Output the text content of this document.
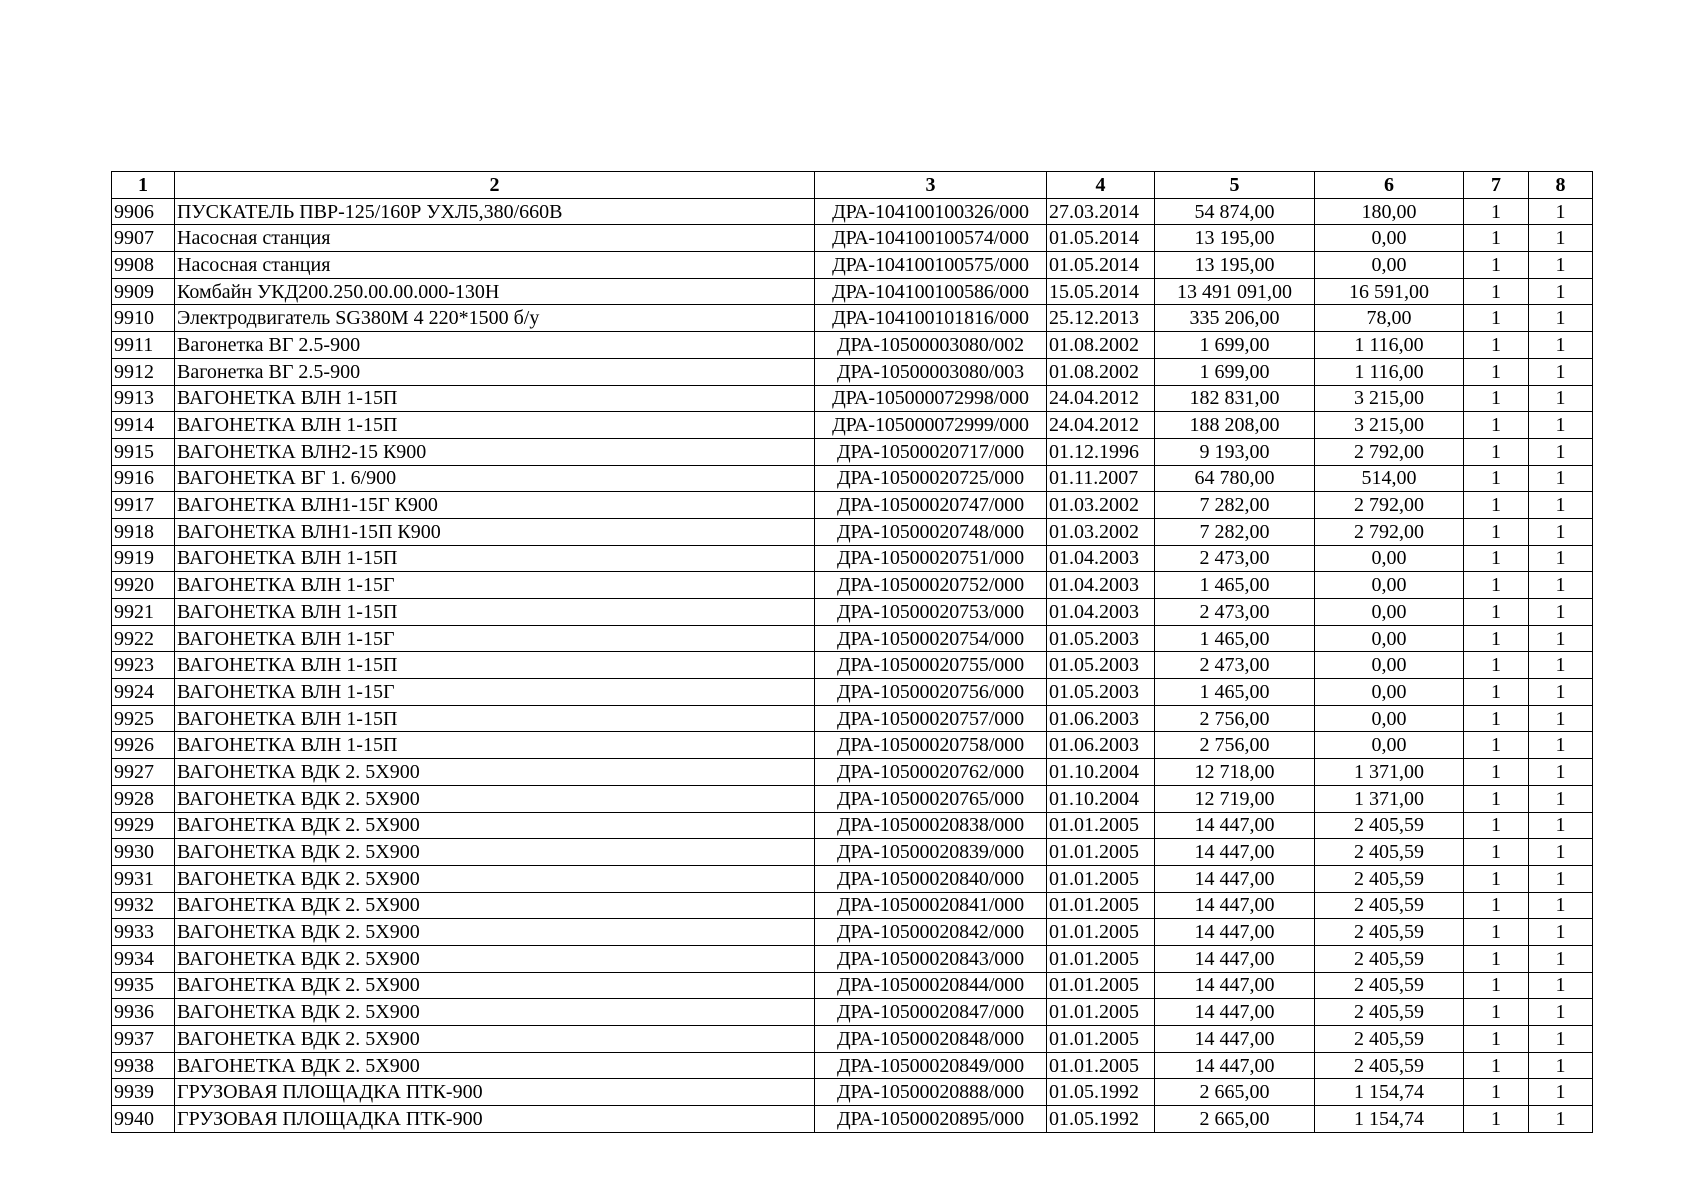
1	2	3	4	5	6	7	8
9906	ПУСКАТЕЛЬ ПВР-125/160Р УХЛ5,380/660В	ДРА-104100100326/000	27.03.2014	54 874,00	180,00	1	1
9907	Насосная станция	ДРА-104100100574/000	01.05.2014	13 195,00	0,00	1	1
9908	Насосная станция	ДРА-104100100575/000	01.05.2014	13 195,00	0,00	1	1
9909	Комбайн УКД200.250.00.00.000-130Н	ДРА-104100100586/000	15.05.2014	13 491 091,00	16 591,00	1	1
9910	Электродвигатель SG380M 4 220*1500 б/у	ДРА-104100101816/000	25.12.2013	335 206,00	78,00	1	1
9911	Вагонетка ВГ 2.5-900	ДРА-10500003080/002	01.08.2002	1 699,00	1 116,00	1	1
9912	Вагонетка ВГ 2.5-900	ДРА-10500003080/003	01.08.2002	1 699,00	1 116,00	1	1
9913	ВАГОНЕТКА ВЛН 1-15П	ДРА-105000072998/000	24.04.2012	182 831,00	3 215,00	1	1
9914	ВАГОНЕТКА ВЛН 1-15П	ДРА-105000072999/000	24.04.2012	188 208,00	3 215,00	1	1
9915	ВАГОНЕТКА ВЛН2-15 К900	ДРА-10500020717/000	01.12.1996	9 193,00	2 792,00	1	1
9916	ВАГОНЕТКА ВГ 1. 6/900	ДРА-10500020725/000	01.11.2007	64 780,00	514,00	1	1
9917	ВАГОНЕТКА ВЛН1-15Г К900	ДРА-10500020747/000	01.03.2002	7 282,00	2 792,00	1	1
9918	ВАГОНЕТКА ВЛН1-15П К900	ДРА-10500020748/000	01.03.2002	7 282,00	2 792,00	1	1
9919	ВАГОНЕТКА ВЛН 1-15П	ДРА-10500020751/000	01.04.2003	2 473,00	0,00	1	1
9920	ВАГОНЕТКА ВЛН 1-15Г	ДРА-10500020752/000	01.04.2003	1 465,00	0,00	1	1
9921	ВАГОНЕТКА ВЛН 1-15П	ДРА-10500020753/000	01.04.2003	2 473,00	0,00	1	1
9922	ВАГОНЕТКА ВЛН 1-15Г	ДРА-10500020754/000	01.05.2003	1 465,00	0,00	1	1
9923	ВАГОНЕТКА ВЛН 1-15П	ДРА-10500020755/000	01.05.2003	2 473,00	0,00	1	1
9924	ВАГОНЕТКА ВЛН 1-15Г	ДРА-10500020756/000	01.05.2003	1 465,00	0,00	1	1
9925	ВАГОНЕТКА ВЛН 1-15П	ДРА-10500020757/000	01.06.2003	2 756,00	0,00	1	1
9926	ВАГОНЕТКА ВЛН 1-15П	ДРА-10500020758/000	01.06.2003	2 756,00	0,00	1	1
9927	ВАГОНЕТКА ВДК 2. 5Х900	ДРА-10500020762/000	01.10.2004	12 718,00	1 371,00	1	1
9928	ВАГОНЕТКА ВДК 2. 5Х900	ДРА-10500020765/000	01.10.2004	12 719,00	1 371,00	1	1
9929	ВАГОНЕТКА ВДК 2. 5Х900	ДРА-10500020838/000	01.01.2005	14 447,00	2 405,59	1	1
9930	ВАГОНЕТКА ВДК 2. 5Х900	ДРА-10500020839/000	01.01.2005	14 447,00	2 405,59	1	1
9931	ВАГОНЕТКА ВДК 2. 5Х900	ДРА-10500020840/000	01.01.2005	14 447,00	2 405,59	1	1
9932	ВАГОНЕТКА ВДК 2. 5Х900	ДРА-10500020841/000	01.01.2005	14 447,00	2 405,59	1	1
9933	ВАГОНЕТКА ВДК 2. 5Х900	ДРА-10500020842/000	01.01.2005	14 447,00	2 405,59	1	1
9934	ВАГОНЕТКА ВДК 2. 5Х900	ДРА-10500020843/000	01.01.2005	14 447,00	2 405,59	1	1
9935	ВАГОНЕТКА ВДК 2. 5Х900	ДРА-10500020844/000	01.01.2005	14 447,00	2 405,59	1	1
9936	ВАГОНЕТКА ВДК 2. 5Х900	ДРА-10500020847/000	01.01.2005	14 447,00	2 405,59	1	1
9937	ВАГОНЕТКА ВДК 2. 5Х900	ДРА-10500020848/000	01.01.2005	14 447,00	2 405,59	1	1
9938	ВАГОНЕТКА ВДК 2. 5Х900	ДРА-10500020849/000	01.01.2005	14 447,00	2 405,59	1	1
9939	ГРУЗОВАЯ ПЛОЩАДКА ПТК-900	ДРА-10500020888/000	01.05.1992	2 665,00	1 154,74	1	1
9940	ГРУЗОВАЯ ПЛОЩАДКА ПТК-900	ДРА-10500020895/000	01.05.1992	2 665,00	1 154,74	1	1
